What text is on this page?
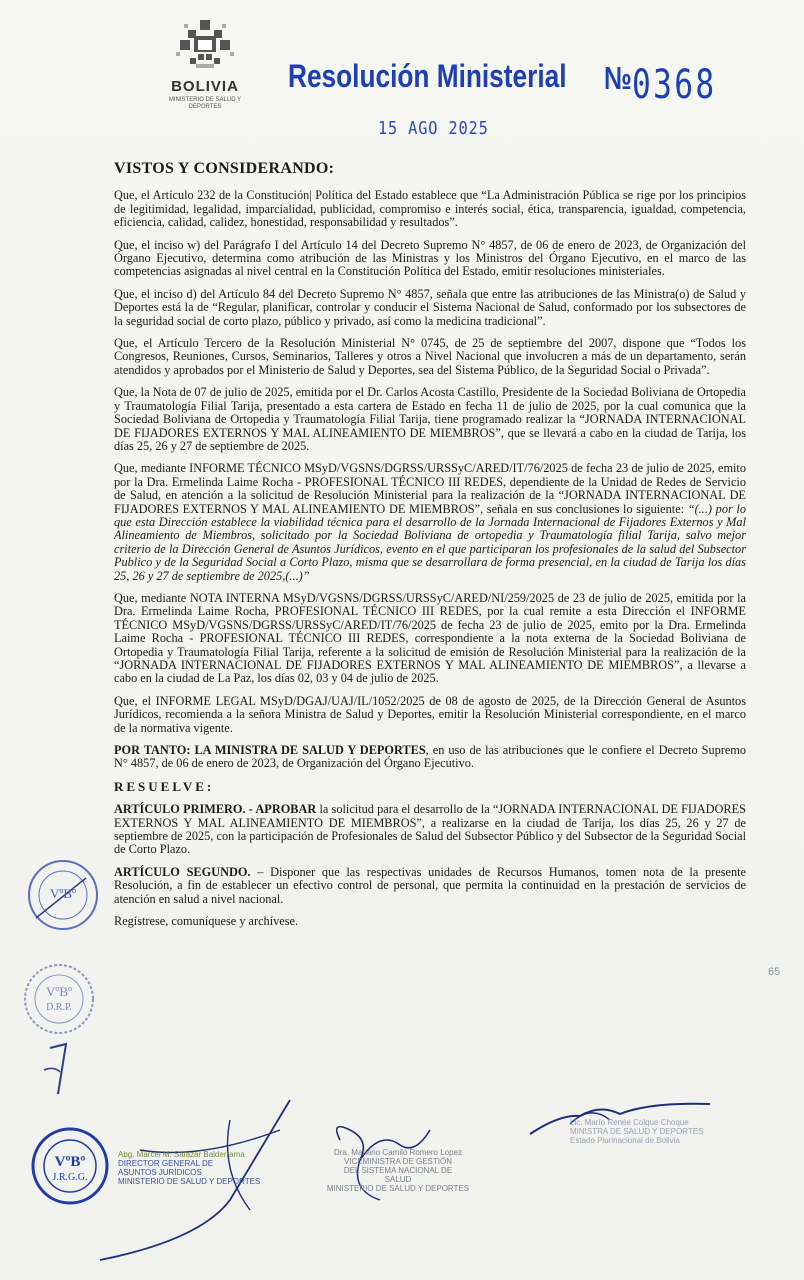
BOLIVIA
MINISTERIO DE SALUD Y DEPORTES
Resolución Ministerial № 0368
15 AGO 2025
VISTOS Y CONSIDERANDO:

Que, el Artículo 232 de la Constitución| Política del Estado establece que “La Administración Pública se rige por los principios de legitimidad, legalidad, imparcialidad, publicidad, compromiso e interés social, ética, transparencia, igualdad, competencia, eficiencia, calidad, calidez, honestidad, responsabilidad y resultados”.

Que, el inciso w) del Parágrafo I del Artículo 14 del Decreto Supremo N° 4857, de 06 de enero de 2023, de Organización del Órgano Ejecutivo, determina como atribución de las Ministras y los Ministros del Órgano Ejecutivo, en el marco de las competencias asignadas al nivel central en la Constitución Política del Estado, emitir resoluciones ministeriales.

Que, el inciso d) del Artículo 84 del Decreto Supremo N° 4857, señala que entre las atribuciones de las Ministra(o) de Salud y Deportes está la de “Regular, planificar, controlar y conducir el Sistema Nacional de Salud, conformado por los subsectores de la seguridad social de corto plazo, público y privado, así como la medicina tradicional”.

Que, el Artículo Tercero de la Resolución Ministerial N° 0745, de 25 de septiembre del 2007, dispone que “Todos los Congresos, Reuniones, Cursos, Seminarios, Talleres y otros a Nivel Nacional que involucren a más de un departamento, serán atendidos y aprobados por el Ministerio de Salud y Deportes, sea del Sistema Público, de la Seguridad Social o Privada”.

Que, la Nota de 07 de julio de 2025, emitida por el Dr. Carlos Acosta Castillo, Presidente de la Sociedad Boliviana de Ortopedia y Traumatología Filial Tarija, presentado a esta cartera de Estado en fecha 11 de julio de 2025, por la cual comunica que la Sociedad Boliviana de Ortopedia y Traumatología Filial Tarija, tiene programado realizar la “JORNADA INTERNACIONAL DE FIJADORES EXTERNOS Y MAL ALINEAMIENTO DE MIEMBROS”, que se llevará a cabo en la ciudad de Tarija, los días 25, 26 y 27 de septiembre de 2025.

Que, mediante INFORME TÉCNICO MSyD/VGSNS/DGRSS/URSSyC/ARED/IT/76/2025 de fecha 23 de julio de 2025, emito por la Dra. Ermelinda Laime Rocha - PROFESIONAL TÉCNICO III REDES, dependiente de la Unidad de Redes de Servicio de Salud, en atención a la solicitud de Resolución Ministerial para la realización de la “JORNADA INTERNACIONAL DE FIJADORES EXTERNOS Y MAL ALINEAMIENTO DE MIEMBROS”, señala en sus conclusiones lo siguiente: “(...) por lo que esta Dirección establece la viabilidad técnica para el desarrollo de la Jornada Internacional de Fijadores Externos y Mal Alineamiento de Miembros, solicitado por la Sociedad Boliviana de ortopedia y Traumatología filial Tarija, salvo mejor criterio de la Dirección General de Asuntos Jurídicos, evento en el que participaran los profesionales de la salud del Subsector Publico y de la Seguridad Social a Corto Plazo, misma que se desarrollara de forma presencial, en la ciudad de Tarija los días 25, 26 y 27 de septiembre de 2025,(...)”

Que, mediante NOTA INTERNA MSyD/VGSNS/DGRSS/URSSyC/ARED/NI/259/2025 de 23 de julio de 2025, emitida por la Dra. Ermelinda Laime Rocha, PROFESIONAL TÉCNICO III REDES, por la cual remite a esta Dirección el INFORME TÉCNICO MSyD/VGSNS/DGRSS/URSSyC/ARED/IT/76/2025 de fecha 23 de julio de 2025, emito por la Dra. Ermelinda Laime Rocha - PROFESIONAL TÉCNICO III REDES, correspondiente a la nota externa de la Sociedad Boliviana de Ortopedia y Traumatología Filial Tarija, referente a la solicitud de emisión de Resolución Ministerial para la realización de la “JORNADA INTERNACIONAL DE FIJADORES EXTERNOS Y MAL ALINEAMIENTO DE MIEMBROS”, a llevarse a cabo en la ciudad de La Paz, los días 02, 03 y 04 de julio de 2025.

Que, el INFORME LEGAL MSyD/DGAJ/UAJ/IL/1052/2025 de 08 de agosto de 2025, de la Dirección General de Asuntos Jurídicos, recomienda a la señora Ministra de Salud y Deportes, emitir la Resolución Ministerial correspondiente, en el marco de la normativa vigente.

POR TANTO: LA MINISTRA DE SALUD Y DEPORTES, en uso de las atribuciones que le confiere el Decreto Supremo N° 4857, de 06 de enero de 2023, de Organización del Órgano Ejecutivo.

RESUELVE:

ARTÍCULO PRIMERO. - APROBAR la solicitud para el desarrollo de la “JORNADA INTERNACIONAL DE FIJADORES EXTERNOS Y MAL ALINEAMIENTO DE MIEMBROS”, a realizarse en la ciudad de Tarija, los días 25, 26 y 27 de septiembre de 2025, con la participación de Profesionales de Salud del Subsector Público y del Subsector de la Seguridad Social de Corto Plazo.

ARTÍCULO SEGUNDO. – Disponer que las respectivas unidades de Recursos Humanos, tomen nota de la presente Resolución, a fin de establecer un efectivo control de personal, que permita la continuidad en la prestación de servicios de atención en salud a nivel nacional.

Regístrese, comuníquese y archívese.

VºBº
VºBº
D.R.P.
VºBº
J.R.G.G.
65
Abg. Marcel M. Salazar Balderrama
DIRECTOR GENERAL DE
ASUNTOS JURÍDICOS
MINISTERIO DE SALUD Y DEPORTES
Dra. Mariano Camilo Romero Lopez
VICEMINISTRA DE GESTIÓN
DEL SISTEMA NACIONAL DE
SALUD
MINISTERIO DE SALUD Y DEPORTES
Lic. Marío Renée Colque Choque
MINISTRA DE SALUD Y DEPORTES
Estado Plurinacional de Bolivia
